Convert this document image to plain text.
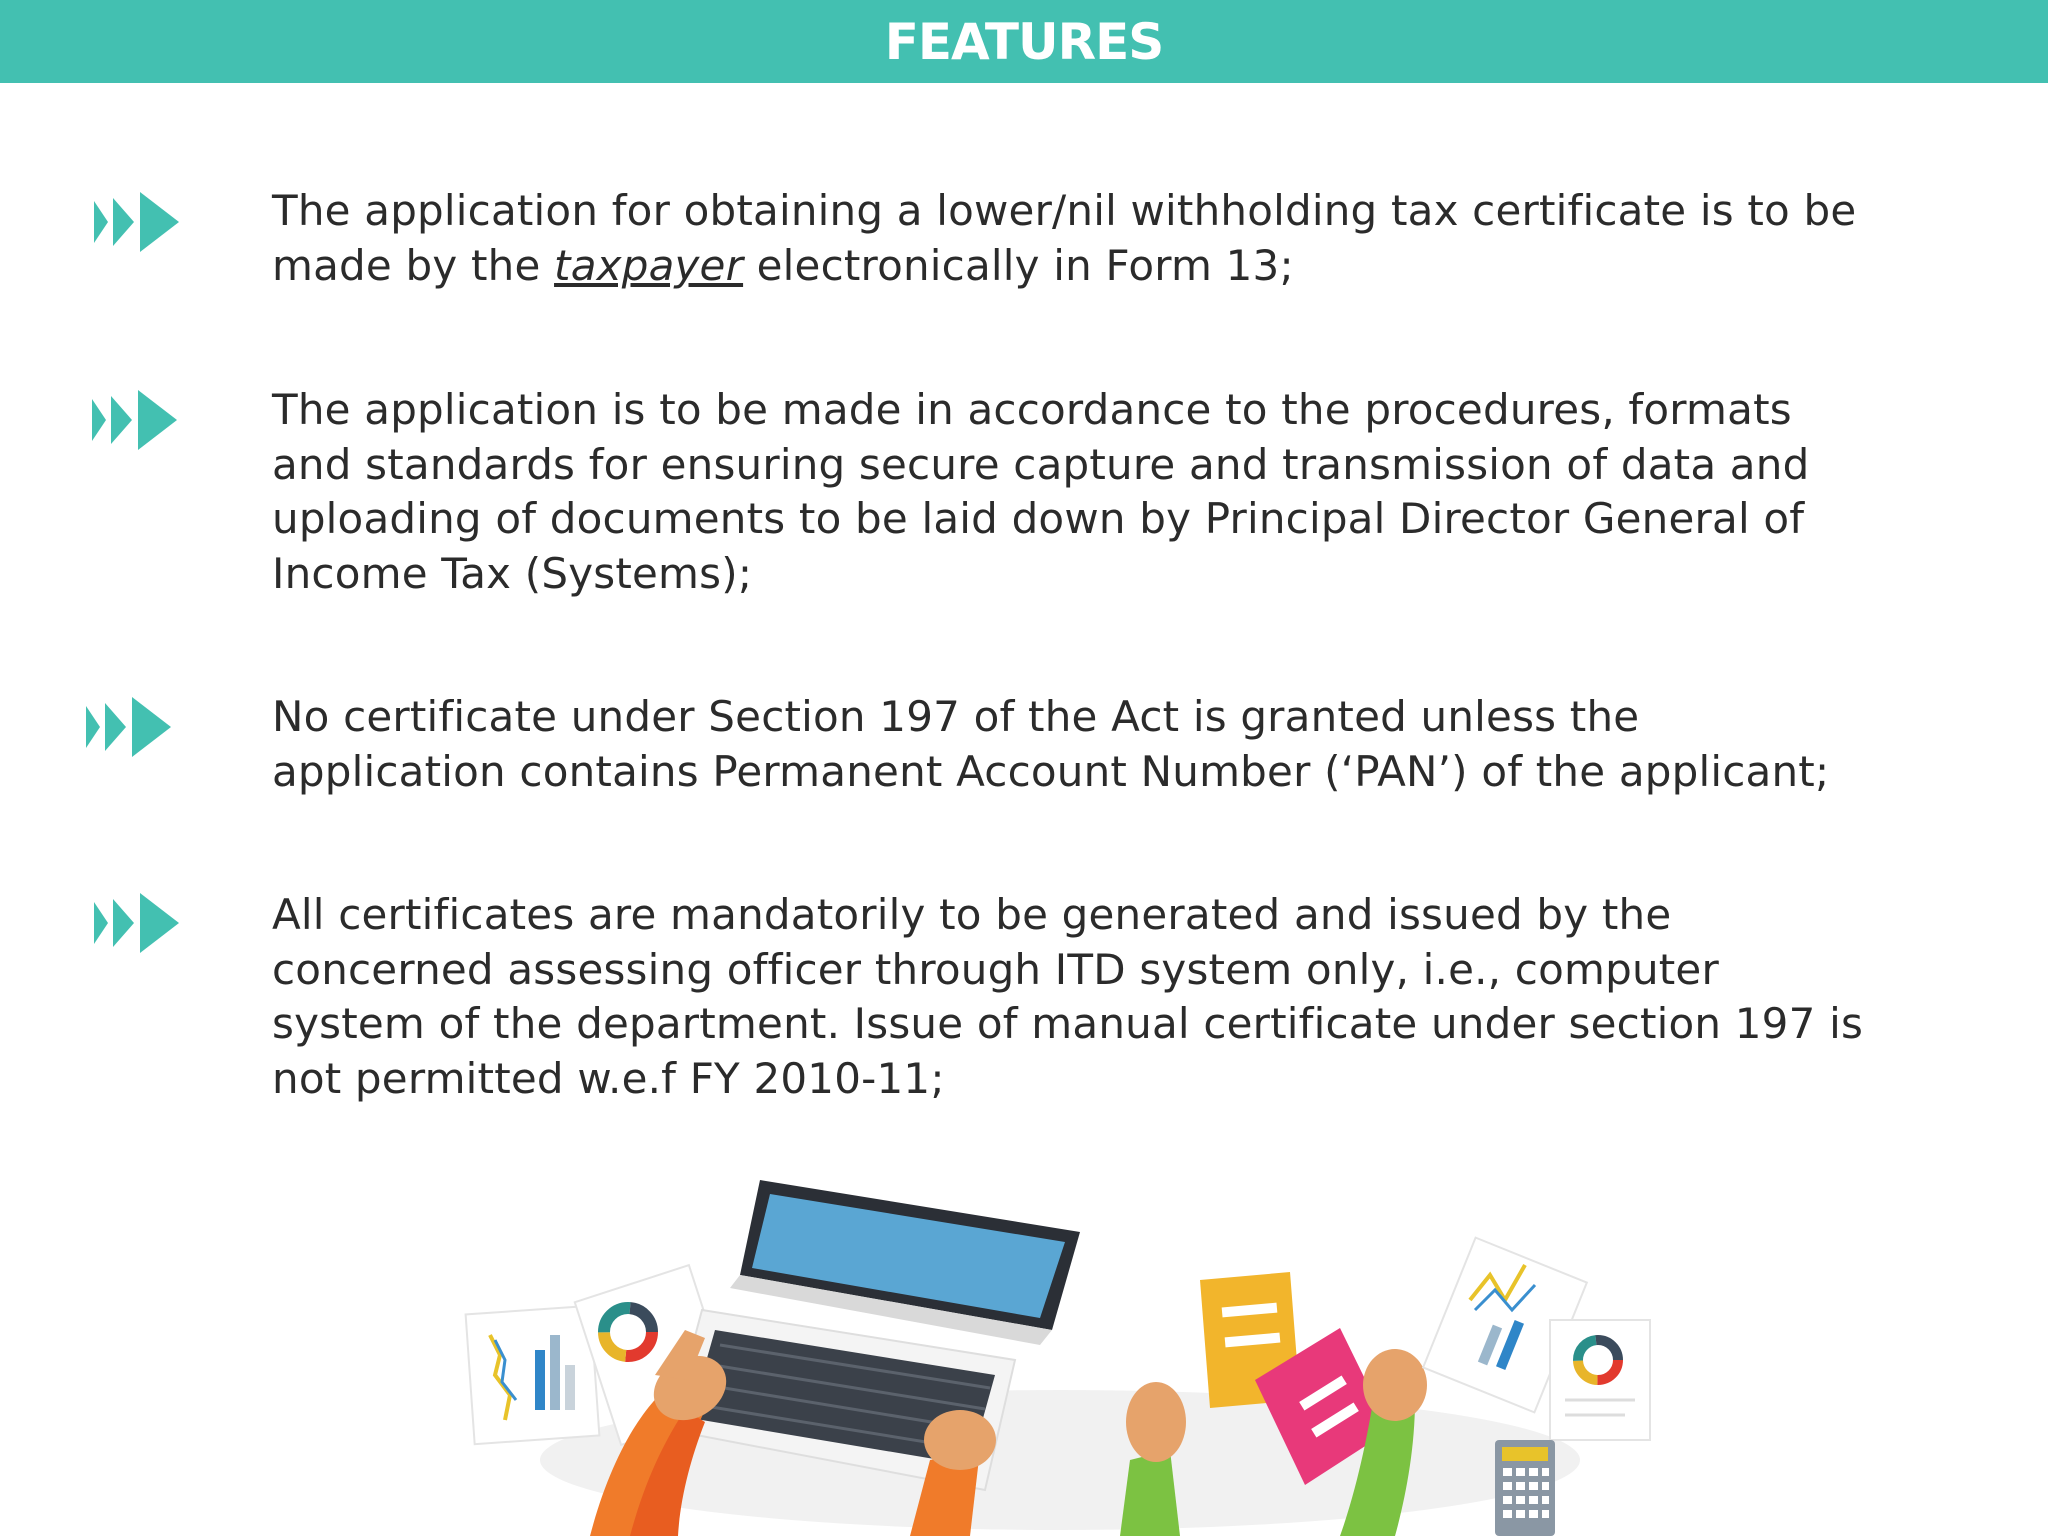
FEATURES

The application for obtaining a lower/nil withholding tax certificate is to be made by the taxpayer electronically in Form 13;

The application is to be made in accordance to the procedures, formats and standards for ensuring secure capture and transmission of data and uploading of documents to be laid down by Principal Director General of Income Tax (Systems);

No certificate under Section 197 of the Act is granted unless the application contains Permanent Account Number (‘PAN’) of the applicant;

All certificates are mandatorily to be generated and issued by the concerned assessing officer through ITD system only, i.e., computer system of the department. Issue of manual certificate under section 197 is not permitted w.e.f FY 2010-11;
